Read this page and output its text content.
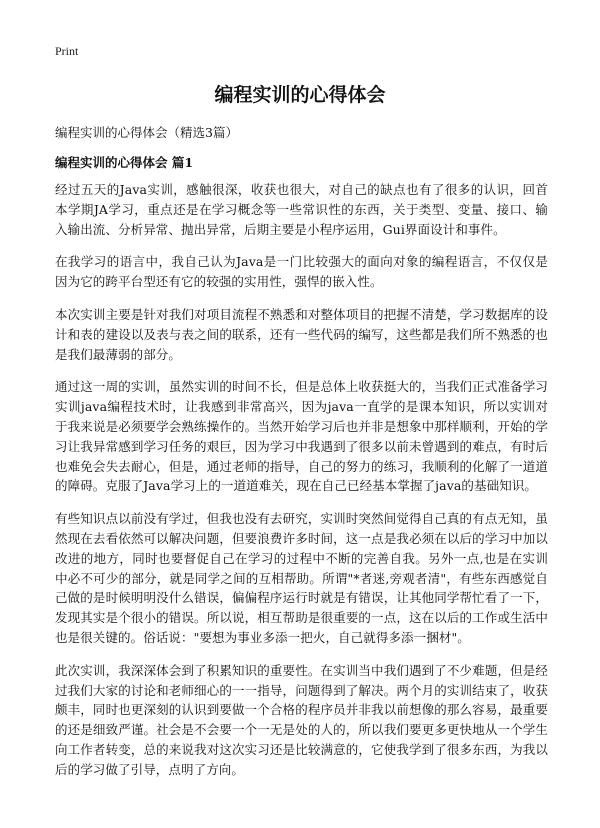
Print
编程实训的心得体会

编程实训的心得体会（精选3篇）

编程实训的心得体会 篇1

经过五天的Java实训，感触很深，收获也很大，对自己的缺点也有了很多的认识，回首本学期JA学习，重点还是在学习概念等一些常识性的东西，关于类型、变量、接口、输入输出流、分析异常、抛出异常，后期主要是小程序运用，Gui界面设计和事件。

在我学习的语言中，我自己认为Java是一门比较强大的面向对象的编程语言，不仅仅是因为它的跨平台型还有它的较强的实用性，强悍的嵌入性。

本次实训主要是针对我们对项目流程不熟悉和对整体项目的把握不清楚，学习数据库的设计和表的建设以及表与表之间的联系，还有一些代码的编写，这些都是我们所不熟悉的也是我们最薄弱的部分。

通过这一周的实训，虽然实训的时间不长，但是总体上收获挺大的，当我们正式准备学习实训java编程技术时，让我感到非常高兴，因为java一直学的是课本知识，所以实训对于我来说是必须要学会熟练操作的。当然开始学习后也并非是想象中那样顺利，开始的学习让我异常感到学习任务的艰巨，因为学习中我遇到了很多以前未曾遇到的难点，有时后也难免会失去耐心，但是，通过老师的指导，自己的努力的练习，我顺利的化解了一道道的障碍。克服了Java学习上的一道道难关，现在自己已经基本掌握了java的基础知识。

有些知识点以前没有学过，但我也没有去研究，实训时突然间觉得自己真的有点无知，虽然现在去看依然可以解决问题，但要浪费许多时间，这一点是我必须在以后的学习中加以改进的地方，同时也要督促自己在学习的过程中不断的完善自我。另外一点,也是在实训中必不可少的部分，就是同学之间的互相帮助。所谓"*者迷,旁观者清"，有些东西感觉自己做的是时候明明没什么错误，偏偏程序运行时就是有错误，让其他同学帮忙看了一下，发现其实是个很小的错误。所以说，相互帮助是很重要的一点，这在以后的工作或生活中也是很关键的。俗话说："要想为事业多添一把火，自己就得多添一捆材"。

此次实训，我深深体会到了积累知识的重要性。在实训当中我们遇到了不少难题，但是经过我们大家的讨论和老师细心的一一指导，问题得到了解决。两个月的实训结束了，收获颇丰，同时也更深刻的认识到要做一个合格的程序员并非我以前想像的那么容易，最重要的还是细致严谨。社会是不会要一个一无是处的人的，所以我们要更多更快地从一个学生向工作者转变，总的来说我对这次实习还是比较满意的，它使我学到了很多东西，为我以后的学习做了引导，点明了方向。
